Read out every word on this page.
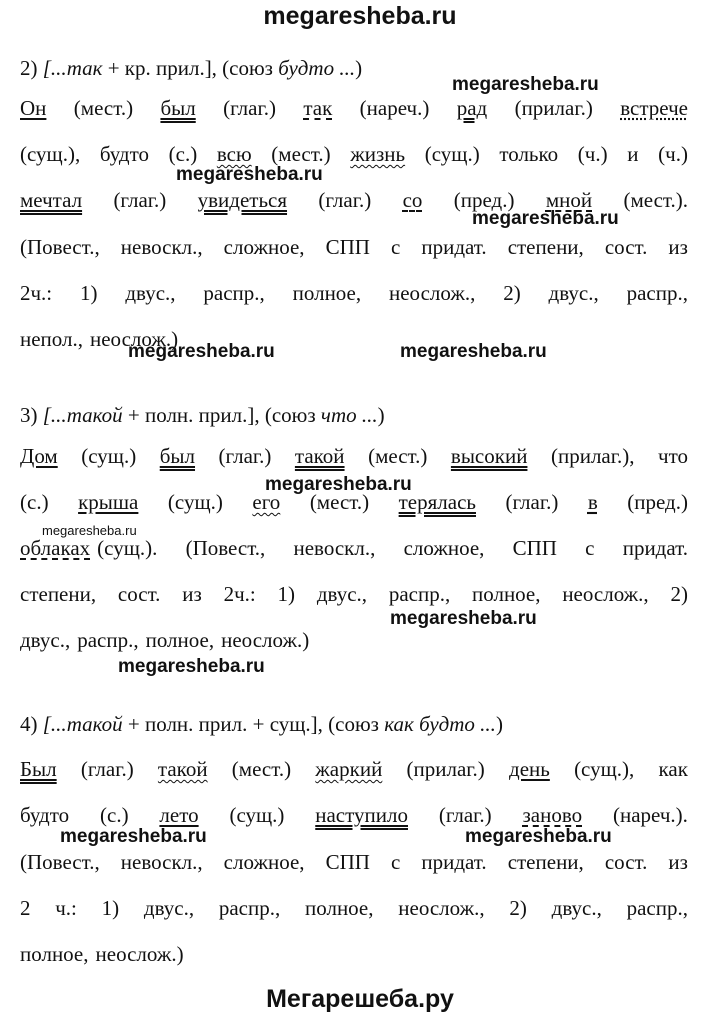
megaresheba.ru
2) [...так + кр. прил.], (союз будто ...)
Он (мест.) был (глаг.) так (нареч.) рад (прилаг.) встрече
(сущ.), будто (с.) всю (мест.) жизнь (сущ.) только (ч.) и (ч.)
мечтал (глаг.) увидеться (глаг.) со (пред.) мной (мест.).
(Повест., невоскл., сложное, СПП с придат. степени, сост. из
2ч.: 1) двус., распр., полное, неослож., 2) двус., распр.,
непол., неослож.)
3) [...такой + полн. прил.], (союз что ...)
Дом (сущ.) был (глаг.) такой (мест.) высокий (прилаг.), что
(с.) крыша (сущ.) его (мест.) терялась (глаг.) в (пред.)
облаках (сущ.). (Повест., невоскл., сложное, СПП с придат.
степени, сост. из 2ч.: 1) двус., распр., полное, неослож., 2)
двус., распр., полное, неослож.)
4) [...такой + полн. прил. + сущ.], (союз как будто ...)
Был (глаг.) такой (мест.) жаркий (прилаг.) день (сущ.), как
будто (с.) лето (сущ.) наступило (глаг.) заново (нареч.).
(Повест., невоскл., сложное, СПП с придат. степени, сост. из
2 ч.: 1) двус., распр., полное, неослож., 2) двус., распр.,
полное, неослож.)
megaresheba.ru
megaresheba.ru
megaresheba.ru
megaresheba.ru	megaresheba.ru
megaresheba.ru
megaresheba.ru
megaresheba.ru
megaresheba.ru
megaresheba.ru	megaresheba.ru
Мегарешеба.ру
